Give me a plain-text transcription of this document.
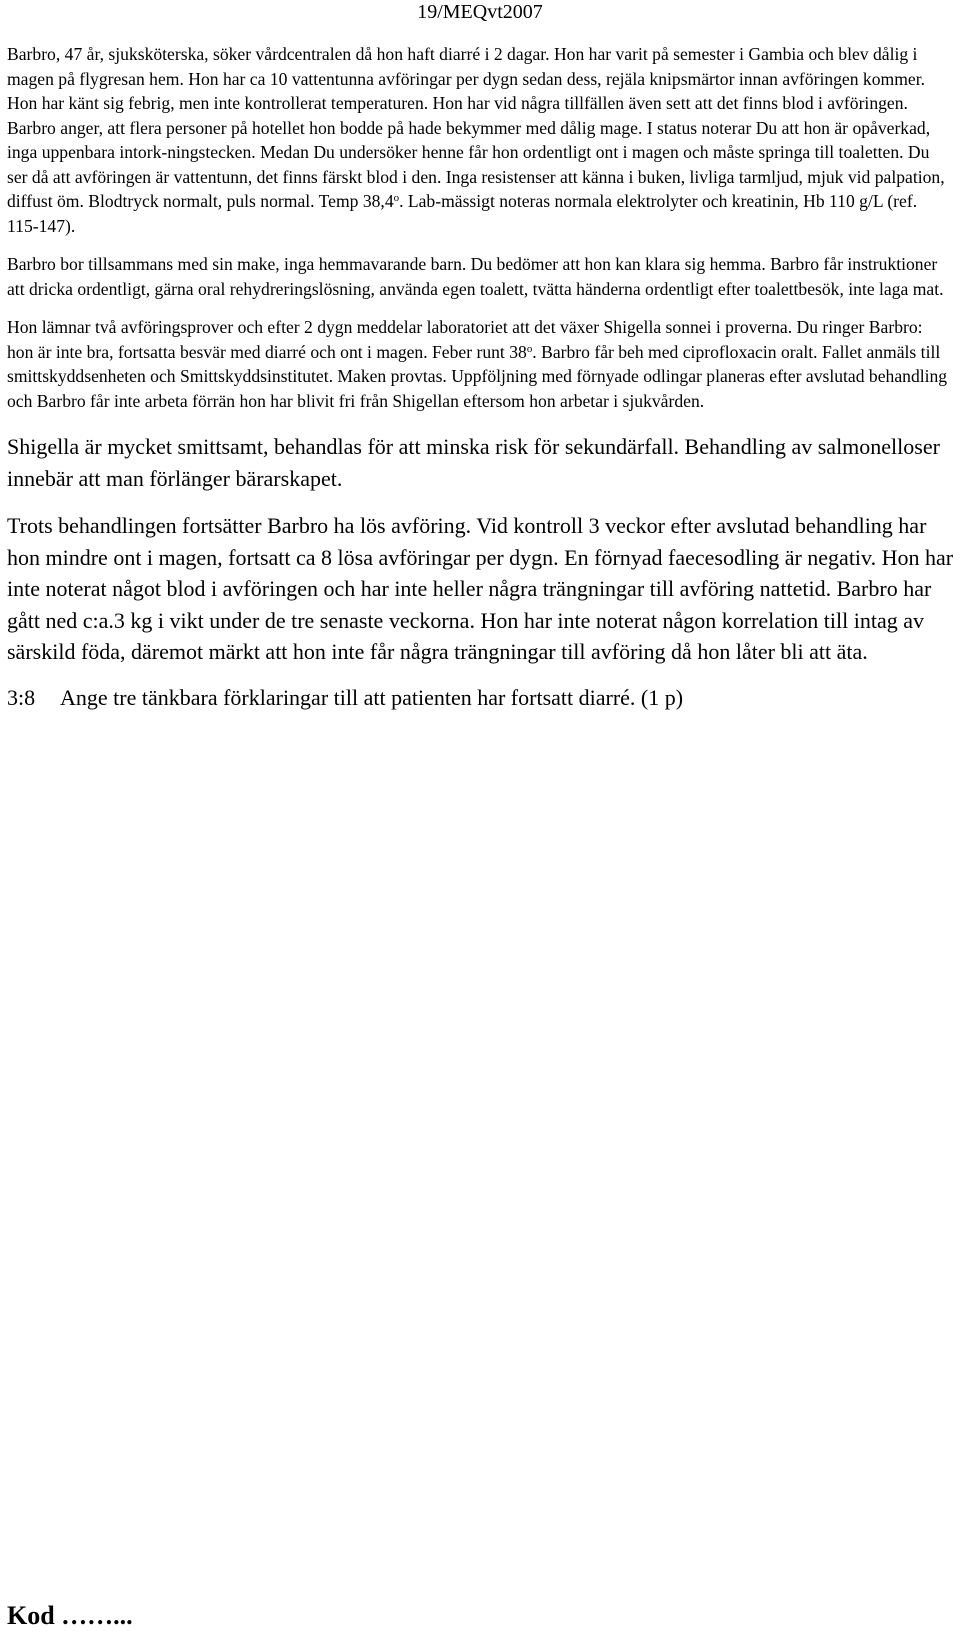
19/MEQvt2007

Barbro, 47 år, sjuksköterska, söker vårdcentralen då hon haft diarré i 2 dagar. Hon har varit på semester i Gambia och blev dålig i magen på flygresan hem. Hon har ca 10 vattentunna avföringar per dygn sedan dess, rejäla knipsmärtor innan avföringen kommer. Hon har känt sig febrig, men inte kontrollerat temperaturen. Hon har vid några tillfällen även sett att det finns blod i avföringen. Barbro anger, att flera personer på hotellet hon bodde på hade bekymmer med dålig mage. I status noterar Du att hon är opåverkad, inga uppenbara intork-ningstecken. Medan Du undersöker henne får hon ordentligt ont i magen och måste springa till toaletten. Du ser då att avföringen är vattentunn, det finns färskt blod i den. Inga resistenser att känna i buken, livliga tarmljud, mjuk vid palpation, diffust öm. Blodtryck normalt, puls normal. Temp 38,4$^o$. Lab-mässigt noteras normala elektrolyter och kreatinin, Hb 110 g/L (ref. 115-147).

Barbro bor tillsammans med sin make, inga hemmavarande barn. Du bedömer att hon kan klara sig hemma. Barbro får instruktioner att dricka ordentligt, gärna oral rehydreringslösning, använda egen toalett, tvätta händerna ordentligt efter toalettbesök, inte laga mat.

Hon lämnar två avföringsprover och efter 2 dygn meddelar laboratoriet att det växer Shigella sonnei i proverna. Du ringer Barbro: hon är inte bra, fortsatta besvär med diarré och ont i magen. Feber runt 38$^o$. Barbro får beh med ciprofloxacin oralt. Fallet anmäls till smittskyddsenheten och Smittskyddsinstitutet. Maken provtas. Uppföljning med förnyade odlingar planeras efter avslutad behandling och Barbro får inte arbeta förrän hon har blivit fri från Shigellan eftersom hon arbetar i sjukvården.

Shigella är mycket smittsamt, behandlas för att minska risk för sekundärfall. Behandling av salmonelloser innebär att man förlänger bärarskapet.

Trots behandlingen fortsätter Barbro ha lös avföring. Vid kontroll 3 veckor efter avslutad behandling har hon mindre ont i magen, fortsatt ca 8 lösa avföringar per dygn. En förnyad faecesodling är negativ. Hon har inte noterat något blod i avföringen och har inte heller några trängningar till avföring nattetid. Barbro har gått ned c:a.3 kg i vikt under de tre senaste veckorna. Hon har inte noterat någon korrelation till intag av särskild föda, däremot märkt att hon inte får några trängningar till avföring då hon låter bli att äta.

3:8 Ange tre tänkbara förklaringar till att patienten har fortsatt diarré. (1 p)
Kod ……...
